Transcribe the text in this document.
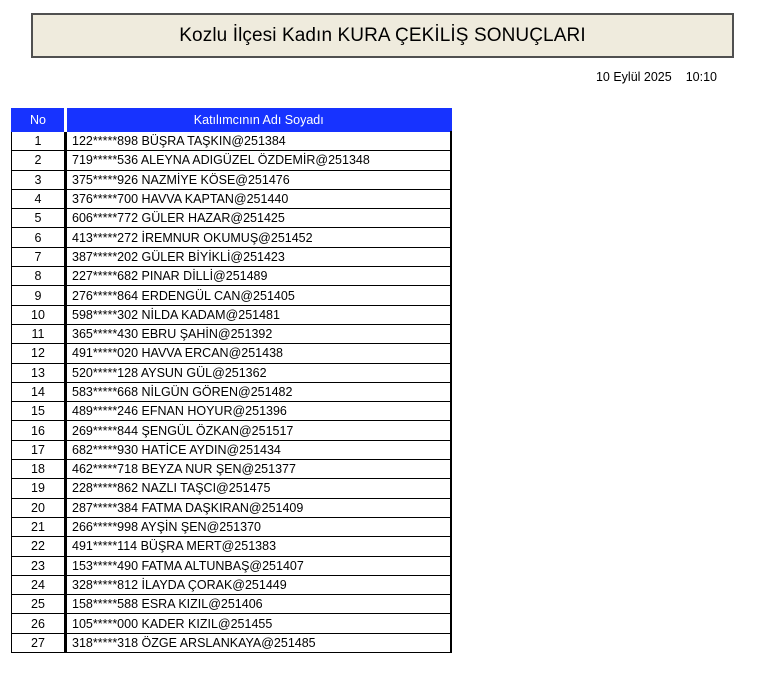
Kozlu İlçesi Kadın KURA ÇEKİLİŞ SONUÇLARI
10 Eylül 2025 10:10
No	Katılımcının Adı Soyadı
1	122*****898 BÜŞRA TAŞKIN@251384
2	719*****536 ALEYNA ADIGÜZEL ÖZDEMİR@251348
3	375*****926 NAZMİYE KÖSE@251476
4	376*****700 HAVVA KAPTAN@251440
5	606*****772 GÜLER HAZAR@251425
6	413*****272 İREMNUR OKUMUŞ@251452
7	387*****202 GÜLER BİYİKLİ@251423
8	227*****682 PINAR DİLLİ@251489
9	276*****864 ERDENGÜL CAN@251405
10	598*****302 NİLDA KADAM@251481
11	365*****430 EBRU ŞAHİN@251392
12	491*****020 HAVVA ERCAN@251438
13	520*****128 AYSUN GÜL@251362
14	583*****668 NİLGÜN GÖREN@251482
15	489*****246 EFNAN HOYUR@251396
16	269*****844 ŞENGÜL ÖZKAN@251517
17	682*****930 HATİCE AYDIN@251434
18	462*****718 BEYZA NUR ŞEN@251377
19	228*****862 NAZLI TAŞCI@251475
20	287*****384 FATMA DAŞKIRAN@251409
21	266*****998 AYŞİN ŞEN@251370
22	491*****114 BÜŞRA MERT@251383
23	153*****490 FATMA ALTUNBAŞ@251407
24	328*****812 İLAYDA ÇORAK@251449
25	158*****588 ESRA KIZIL@251406
26	105*****000 KADER KIZIL@251455
27	318*****318 ÖZGE ARSLANKAYA@251485
